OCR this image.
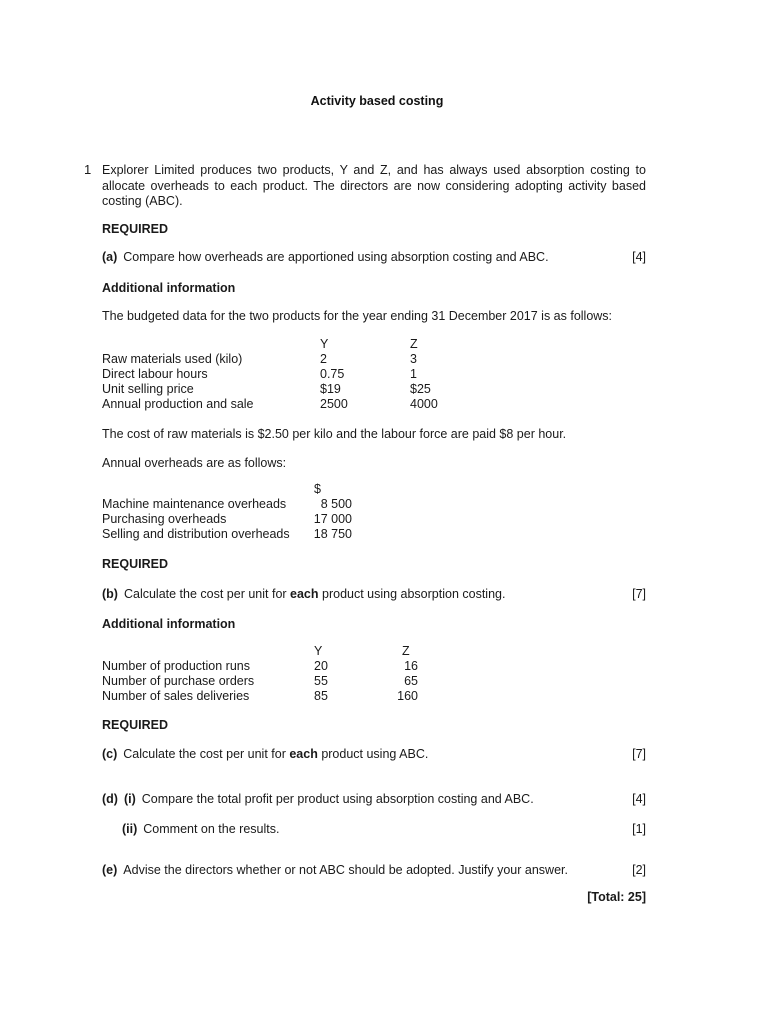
Activity based costing
1 Explorer Limited produces two products, Y and Z, and has always used absorption costing to allocate overheads to each product. The directors are now considering adopting activity based costing (ABC).
REQUIRED
(a) Compare how overheads are apportioned using absorption costing and ABC.	[4]
Additional information
The budgeted data for the two products for the year ending 31 December 2017 is as follows:
Y	Z
Raw materials used (kilo)	2	3
Direct labour hours	0.75	1
Unit selling price	$19	$25
Annual production and sale	2500	4000
The cost of raw materials is $2.50 per kilo and the labour force are paid $8 per hour.
Annual overheads are as follows:
$
Machine maintenance overheads	8 500
Purchasing overheads	17 000
Selling and distribution overheads	18 750
REQUIRED
(b) Calculate the cost per unit for each product using absorption costing.	[7]
Additional information
Y	Z
Number of production runs	20	16
Number of purchase orders	55	65
Number of sales deliveries	85	160
REQUIRED
(c) Calculate the cost per unit for each product using ABC.	[7]
(d) (i) Compare the total profit per product using absorption costing and ABC.	[4]
(ii) Comment on the results.	[1]
(e) Advise the directors whether or not ABC should be adopted. Justify your answer.	[2]
[Total: 25]
